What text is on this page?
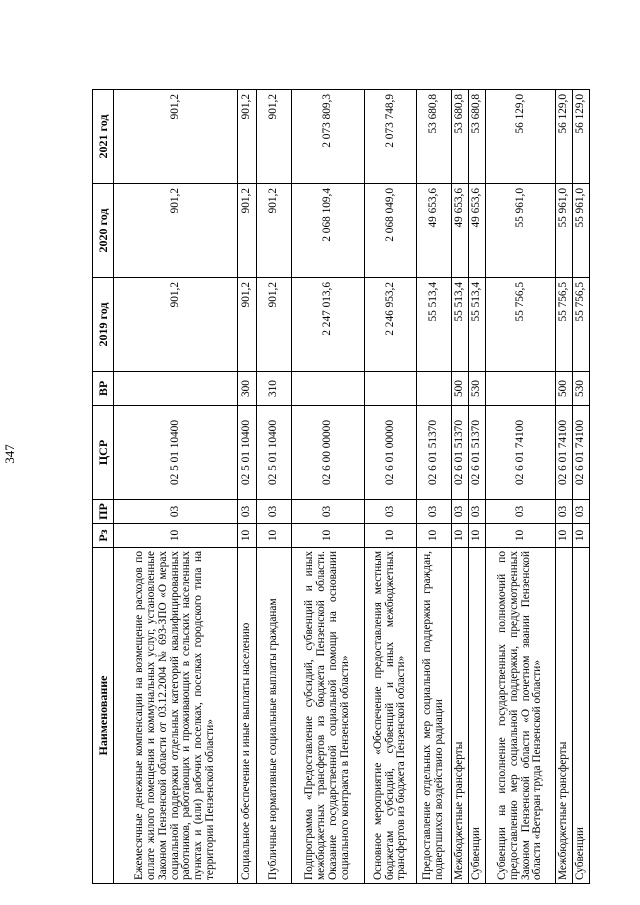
347
Наименование	Рз	ПР	ЦСР	ВР	2019 год	2020 год	2021 год
Ежемесячные денежные компенсации на возмещение расходов по оплате жилого помещения и коммунальных услуг, установленные Законом Пензенской области от 03.12.2004 № 693-ЗПО «О мерах социальной поддержки отдельных категорий квалифицированных работников, работающих и проживающих в сельских населенных пунктах и (или) рабочих поселках, поселках городского типа на территории Пензенской области»	10	03	02 5 01 10400		901,2	901,2	901,2
Социальное обеспечение и иные выплаты населению	10	03	02 5 01 10400	300	901,2	901,2	901,2
Публичные нормативные социальные выплаты гражданам	10	03	02 5 01 10400	310	901,2	901,2	901,2
Подпрограмма «Предоставление субсидий, субвенций и иных межбюджетных трансфертов из бюджета Пензенской области. Оказание государственной социальной помощи на основании социального контракта в Пензенской области»	10	03	02 6 00 00000		2 247 013,6	2 068 109,4	2 073 809,3
Основное мероприятие «Обеспечение предоставления местным бюджетам субсидий, субвенций и иных межбюджетных трансфертов из бюджета Пензенской области»	10	03	02 6 01 00000		2 246 953,2	2 068 049,0	2 073 748,9
Предоставление отдельных мер социальной поддержки граждан, подвергшихся воздействию радиации	10	03	02 6 01 51370		55 513,4	49 653,6	53 680,8
Межбюджетные трансферты	10	03	02 6 01 51370	500	55 513,4	49 653,6	53 680,8
Субвенции	10	03	02 6 01 51370	530	55 513,4	49 653,6	53 680,8
Субвенции на исполнение государственных полномочий по предоставлению мер социальной поддержки, предусмотренных Законом Пензенской области «О почетном звании Пензенской области «Ветеран труда Пензенской области»	10	03	02 6 01 74100		55 756,5	55 961,0	56 129,0
Межбюджетные трансферты	10	03	02 6 01 74100	500	55 756,5	55 961,0	56 129,0
Субвенции	10	03	02 6 01 74100	530	55 756,5	55 961,0	56 129,0
